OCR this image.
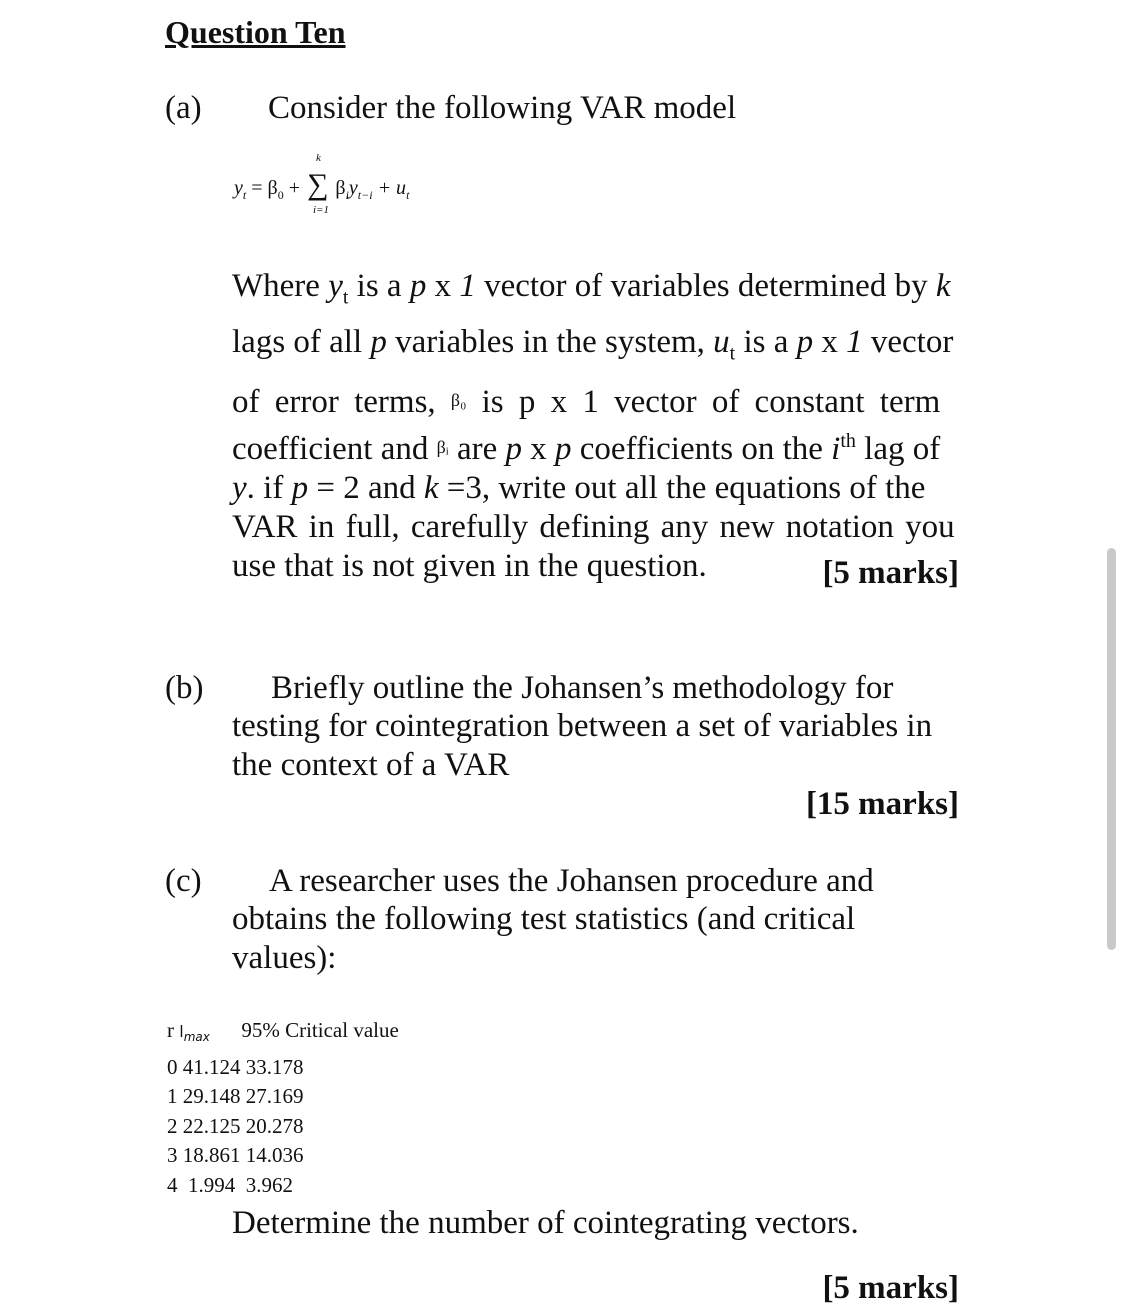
Question Ten
(a) Consider the following VAR model
$y_t = \beta_0$ + ∑
k
i=1
$\beta_iy_{t-i} + u_t$
Where $y_t$ is a p x 1 vector of variables determined by k
lags of all p variables in the system, $u_t$ is a p x 1 vector
of error terms, β₀ is p x 1 vector of constant term
coefficient and βᵢ are p x p coefficients on the $i^{th}$ lag of
y. if p = 2 and k =3, write out all the equations of the
VAR in full, carefully defining any new notation you
use that is not given in the question.	[5 marks]
(b) Briefly outline the Johansen’s methodology for
testing for cointegration between a set of variables in
the context of a VAR
[15 marks]
(c) A researcher uses the Johansen procedure and
obtains the following test statistics (and critical
values):
r $l_{max}$ 95% Critical value
0 41.124 33.178
1 29.148 27.169
2 22.125 20.278
3 18.861 14.036
4 1.994 3.962
Determine the number of cointegrating vectors.
[5 marks]
